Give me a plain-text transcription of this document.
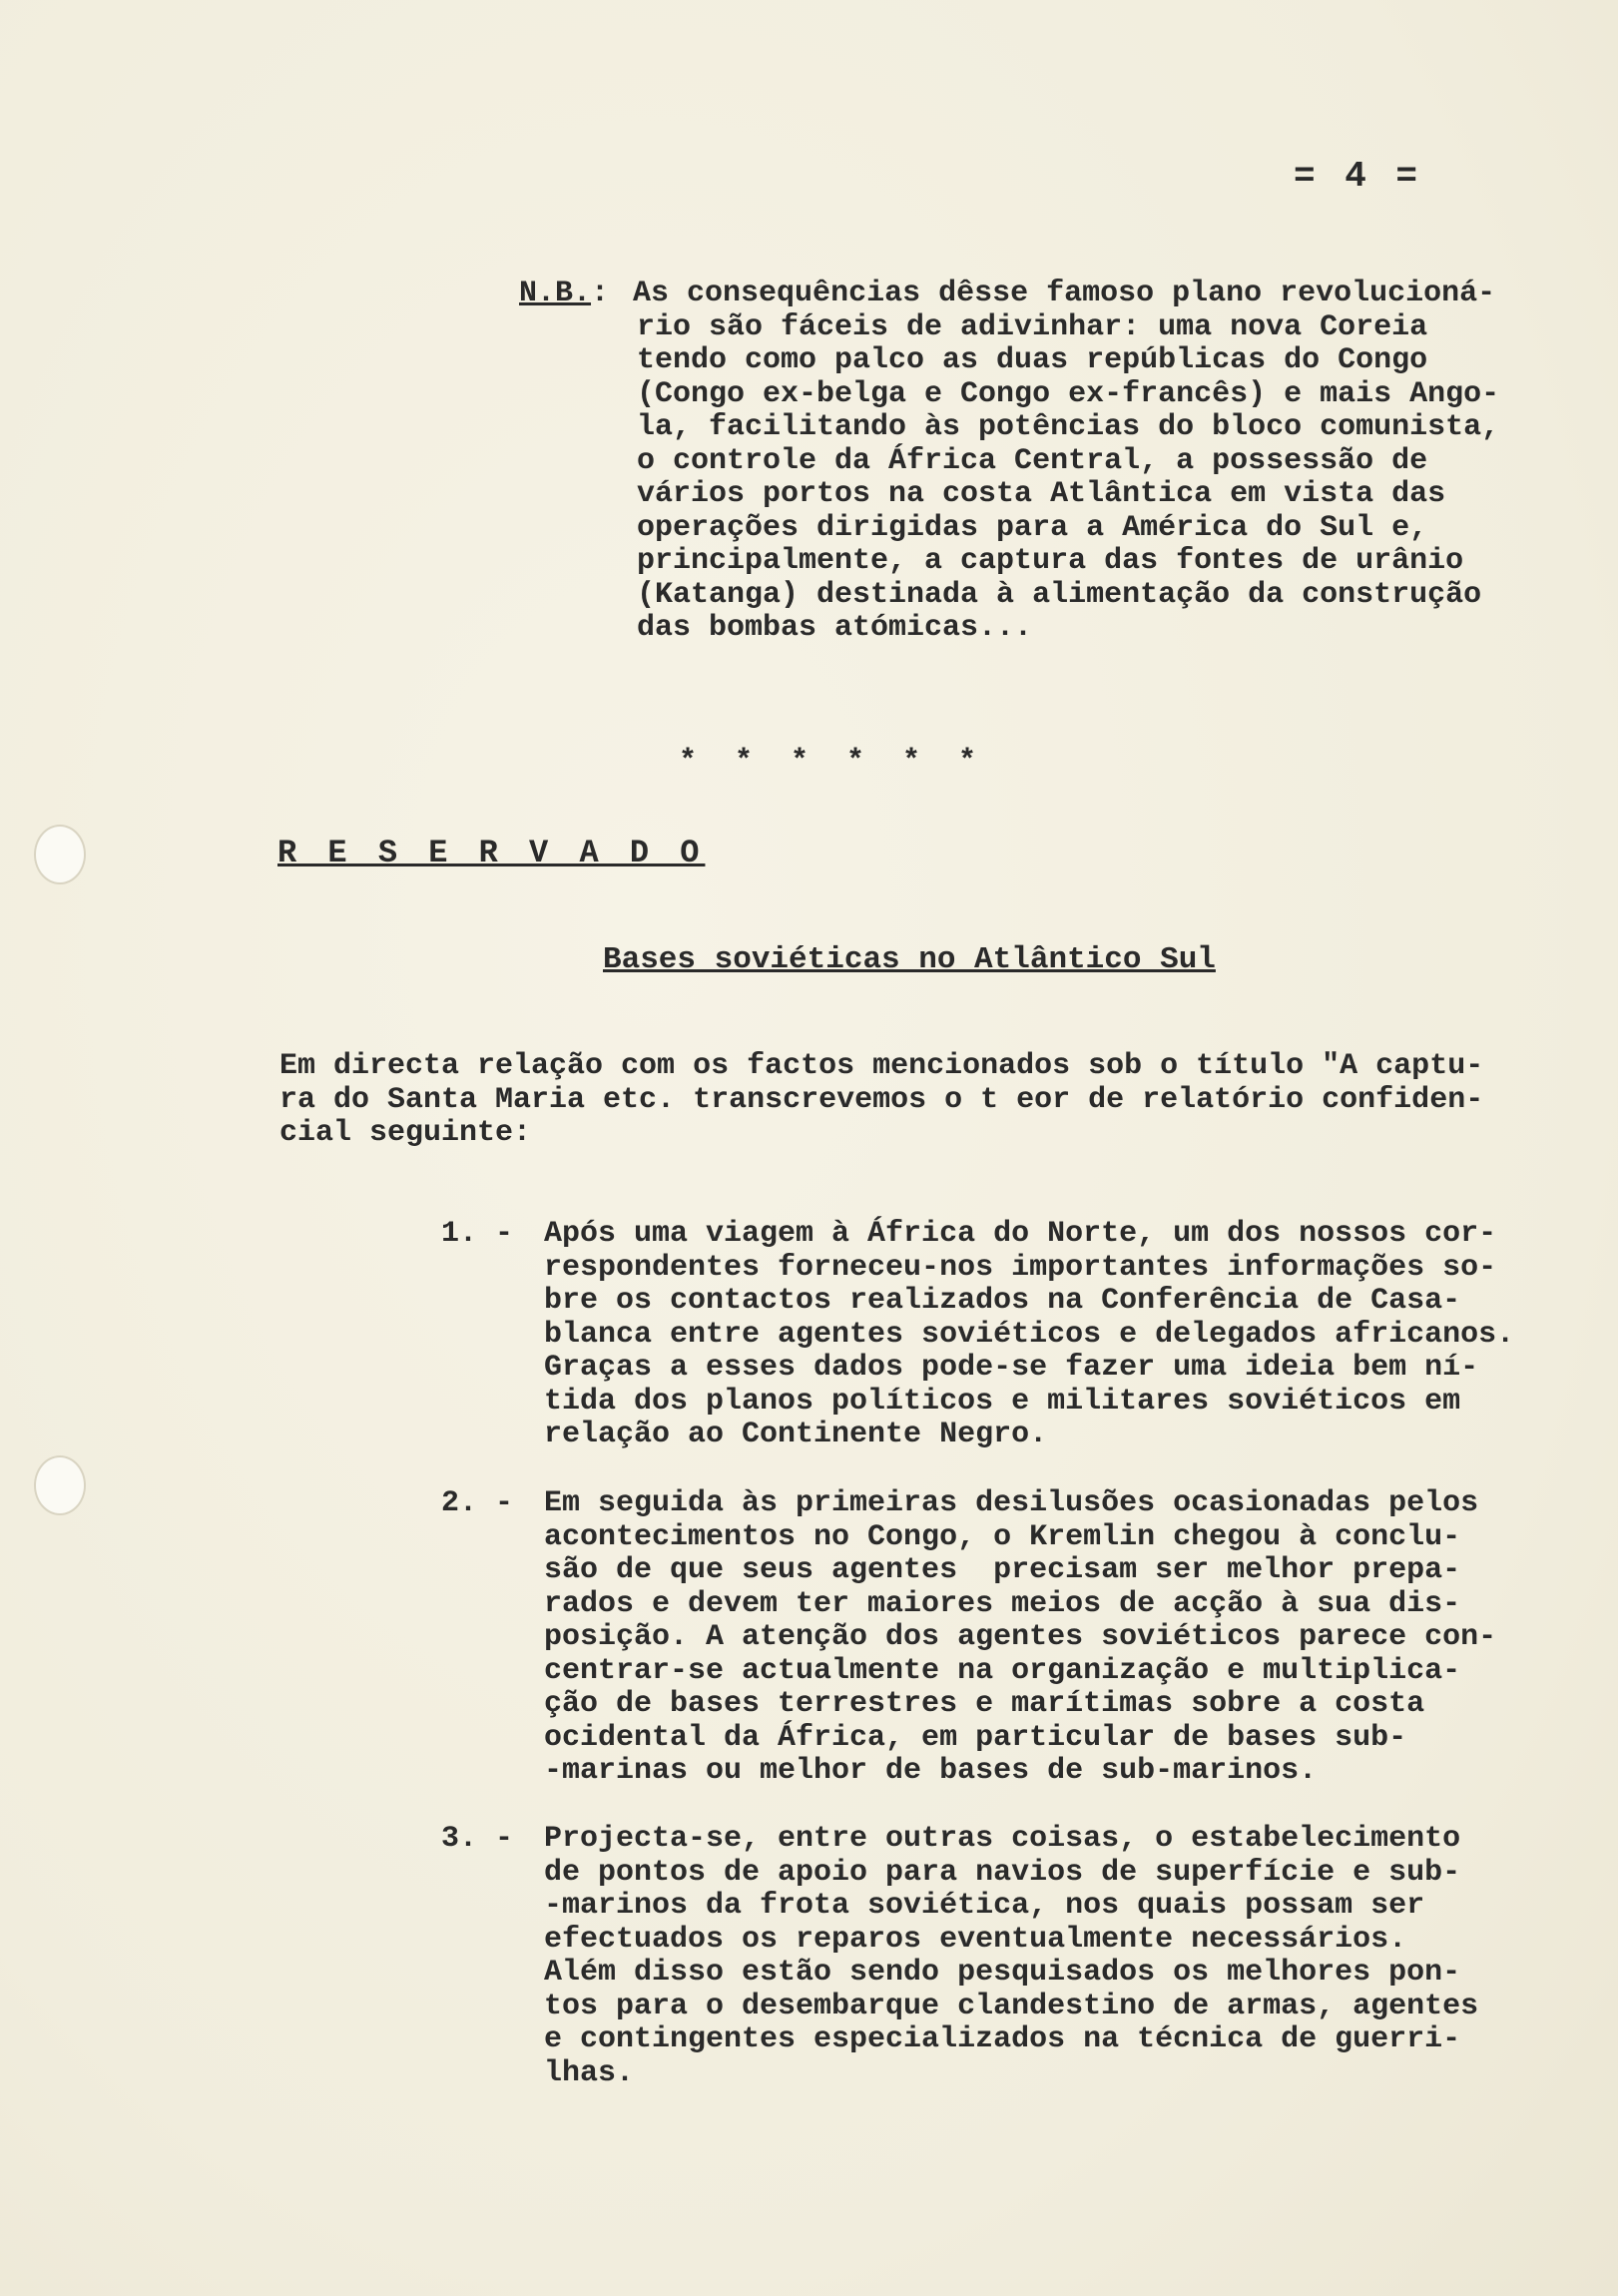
= 4 =
N.B.: As consequências dêsse famoso plano revolucioná-
rio são fáceis de adivinhar: uma nova Coreia
tendo como palco as duas repúblicas do Congo
(Congo ex-belga e Congo ex-francês) e mais Ango-
la, facilitando às potências do bloco comunista,
o controle da África Central, a possessão de
vários portos na costa Atlântica em vista das
operações dirigidas para a América do Sul e,
principalmente, a captura das fontes de urânio
(Katanga) destinada à alimentação da construção
das bombas atómicas...
* * * * * *
R E S E R V A D O
Bases soviéticas no Atlântico Sul
Em directa relação com os factos mencionados sob o título "A captu-
ra do Santa Maria etc. transcrevemos o t eor de relatório confiden-
cial seguinte:
1. - Após uma viagem à África do Norte, um dos nossos cor-
respondentes forneceu-nos importantes informações so-
bre os contactos realizados na Conferência de Casa-
blanca entre agentes soviéticos e delegados africanos.
Graças a esses dados pode-se fazer uma ideia bem ní-
tida dos planos políticos e militares soviéticos em
relação ao Continente Negro.
2. - Em seguida às primeiras desilusões ocasionadas pelos
acontecimentos no Congo, o Kremlin chegou à conclu-
são de que seus agentes  precisam ser melhor prepa-
rados e devem ter maiores meios de acção à sua dis-
posição. A atenção dos agentes soviéticos parece con-
centrar-se actualmente na organização e multiplica-
ção de bases terrestres e marítimas sobre a costa
ocidental da África, em particular de bases sub-
-marinas ou melhor de bases de sub-marinos.
3. - Projecta-se, entre outras coisas, o estabelecimento
de pontos de apoio para navios de superfície e sub-
-marinos da frota soviética, nos quais possam ser
efectuados os reparos eventualmente necessários.
Além disso estão sendo pesquisados os melhores pon-
tos para o desembarque clandestino de armas, agentes
e contingentes especializados na técnica de guerri-
lhas.
